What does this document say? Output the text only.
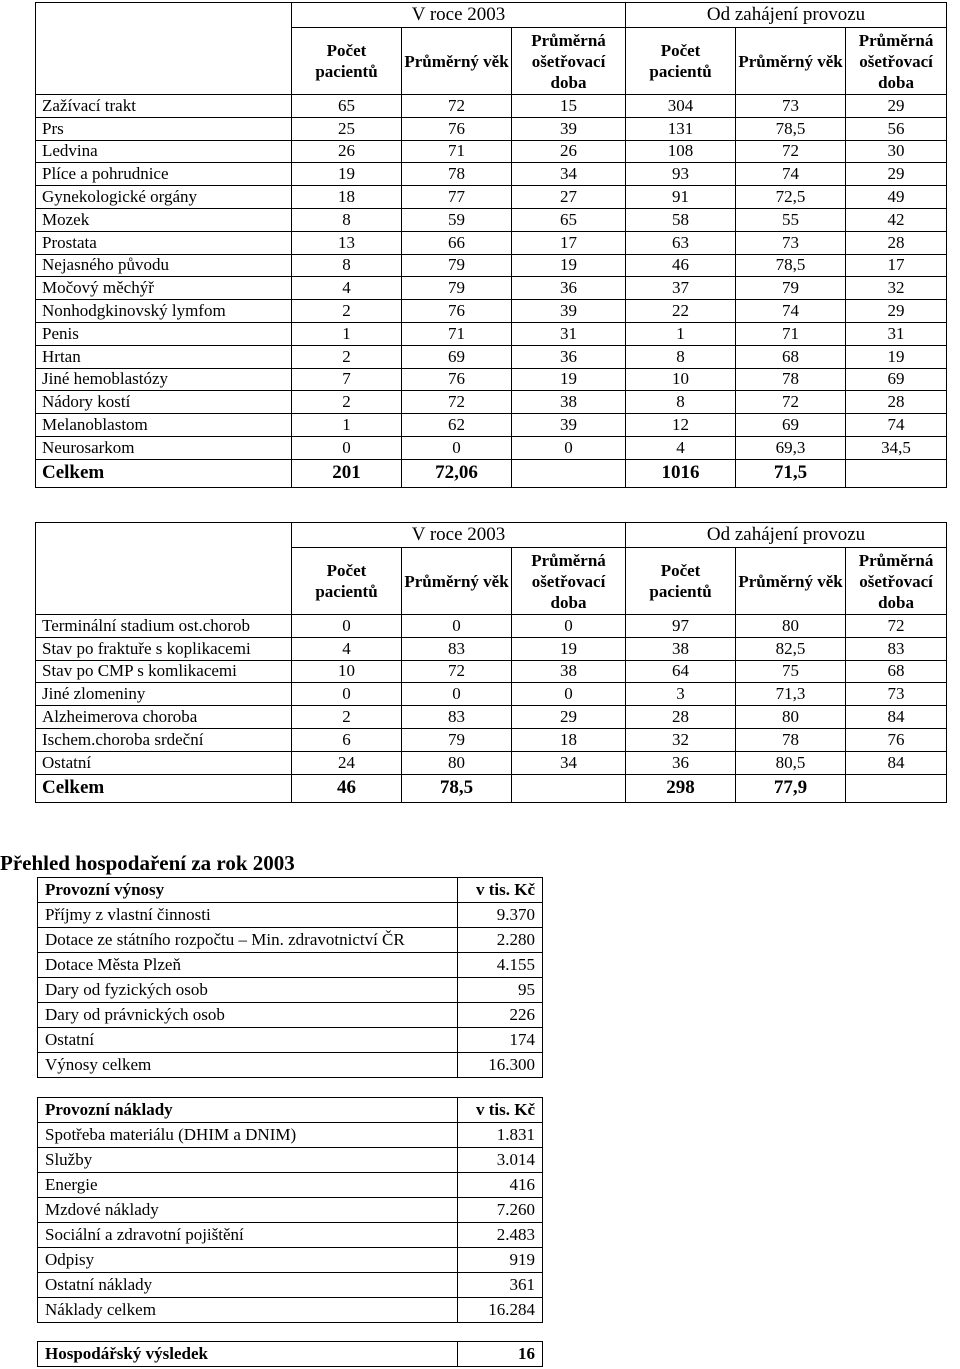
	V roce 2003			Od zahájení provozu		
	Počet pacientů	Průměrný věk	Průměrná ošetřovací doba	Počet pacientů	Průměrný věk	Průměrná ošetřovací doba
Zažívací trakt	65	72	15	304	73	29
Prs	25	76	39	131	78,5	56
Ledvina	26	71	26	108	72	30
Plíce a pohrudnice	19	78	34	93	74	29
Gynekologické orgány	18	77	27	91	72,5	49
Mozek	8	59	65	58	55	42
Prostata	13	66	17	63	73	28
Nejasného původu	8	79	19	46	78,5	17
Močový měchýř	4	79	36	37	79	32
Nonhodgkinovský lymfom	2	76	39	22	74	29
Penis	1	71	31	1	71	31
Hrtan	2	69	36	8	68	19
Jiné hemoblastózy	7	76	19	10	78	69
Nádory kostí	2	72	38	8	72	28
Melanoblastom	1	62	39	12	69	74
Neurosarkom	0	0	0	4	69,3	34,5
Celkem	201	72,06		1016	71,5	
	V roce 2003			Od zahájení provozu		
	Počet pacientů	Průměrný věk	Průměrná ošetřovací doba	Počet pacientů	Průměrný věk	Průměrná ošetřovací doba
Terminální stadium ost.chorob	0	0	0	97	80	72
Stav po fraktuře s koplikacemi	4	83	19	38	82,5	83
Stav po CMP s komlikacemi	10	72	38	64	75	68
Jiné zlomeniny	0	0	0	3	71,3	73
Alzheimerova choroba	2	83	29	28	80	84
Ischem.choroba srdeční	6	79	18	32	78	76
Ostatní	24	80	34	36	80,5	84
Celkem	46	78,5		298	77,9	
Přehled hospodaření za rok 2003
Provozní výnosy	v tis. Kč
Příjmy z vlastní činnosti	9.370
Dotace ze státního rozpočtu – Min. zdravotnictví ČR	2.280
Dotace Města Plzeň	4.155
Dary od fyzických osob	95
Dary od právnických osob	226
Ostatní	174
Výnosy celkem	16.300
Provozní náklady	v tis. Kč
Spotřeba materiálu (DHIM a DNIM)	1.831
Služby	3.014
Energie	416
Mzdové náklady	7.260
Sociální a zdravotní pojištění	2.483
Odpisy	919
Ostatní náklady	361
Náklady celkem	16.284
Hospodářský výsledek	16
